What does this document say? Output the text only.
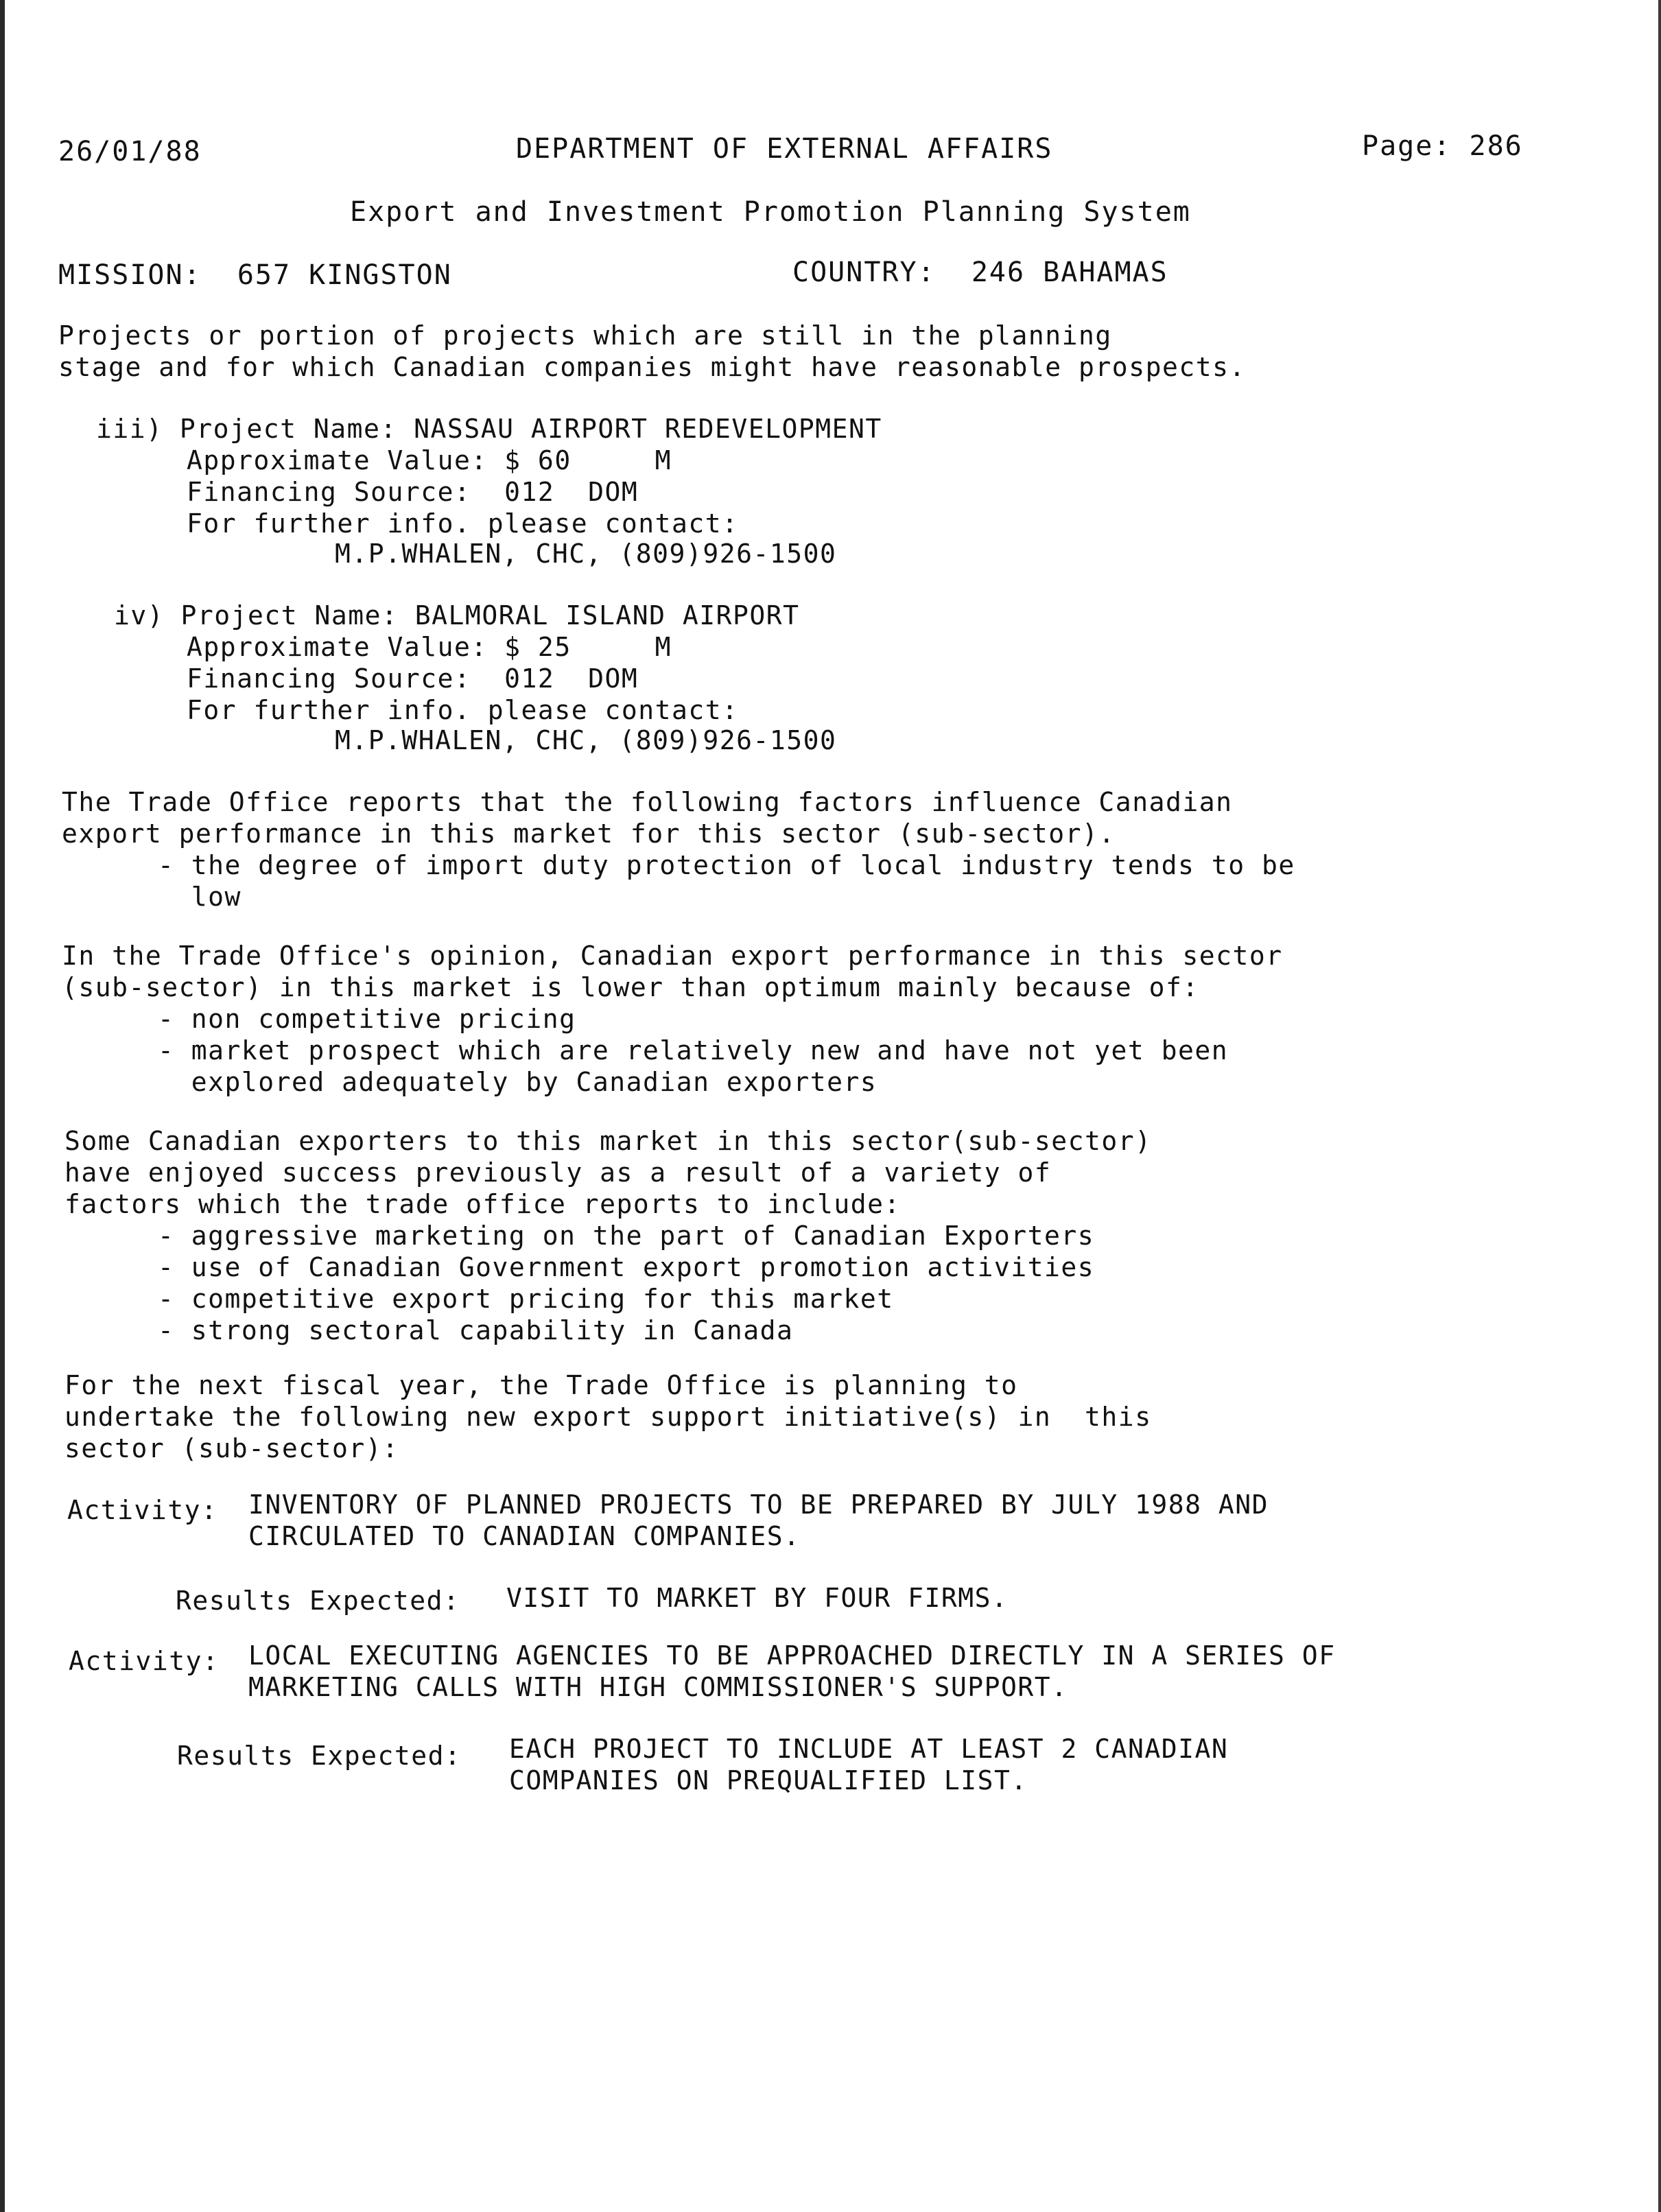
26/01/88	DEPARTMENT OF EXTERNAL AFFAIRS	Page: 286
Export and Investment Promotion Planning System
MISSION:  657 KINGSTON	COUNTRY:  246 BAHAMAS
Projects or portion of projects which are still in the planning
stage and for which Canadian companies might have reasonable prospects.
iii) Project Name: NASSAU AIRPORT REDEVELOPMENT
Approximate Value: $ 60     M
Financing Source:  012  DOM
For further info. please contact:
M.P.WHALEN, CHC, (809)926-1500
iv) Project Name: BALMORAL ISLAND AIRPORT
Approximate Value: $ 25     M
Financing Source:  012  DOM
For further info. please contact:
M.P.WHALEN, CHC, (809)926-1500
The Trade Office reports that the following factors influence Canadian
export performance in this market for this sector (sub-sector).
- the degree of import duty protection of local industry tends to be
low
In the Trade Office's opinion, Canadian export performance in this sector
(sub-sector) in this market is lower than optimum mainly because of:
- non competitive pricing
- market prospect which are relatively new and have not yet been
explored adequately by Canadian exporters
Some Canadian exporters to this market in this sector(sub-sector)
have enjoyed success previously as a result of a variety of
factors which the trade office reports to include:
- aggressive marketing on the part of Canadian Exporters
- use of Canadian Government export promotion activities
- competitive export pricing for this market
- strong sectoral capability in Canada
For the next fiscal year, the Trade Office is planning to
undertake the following new export support initiative(s) in  this
sector (sub-sector):
Activity: INVENTORY OF PLANNED PROJECTS TO BE PREPARED BY JULY 1988 AND
CIRCULATED TO CANADIAN COMPANIES.
Results Expected: VISIT TO MARKET BY FOUR FIRMS.
Activity: LOCAL EXECUTING AGENCIES TO BE APPROACHED DIRECTLY IN A SERIES OF
MARKETING CALLS WITH HIGH COMMISSIONER'S SUPPORT.
Results Expected: EACH PROJECT TO INCLUDE AT LEAST 2 CANADIAN
COMPANIES ON PREQUALIFIED LIST.
